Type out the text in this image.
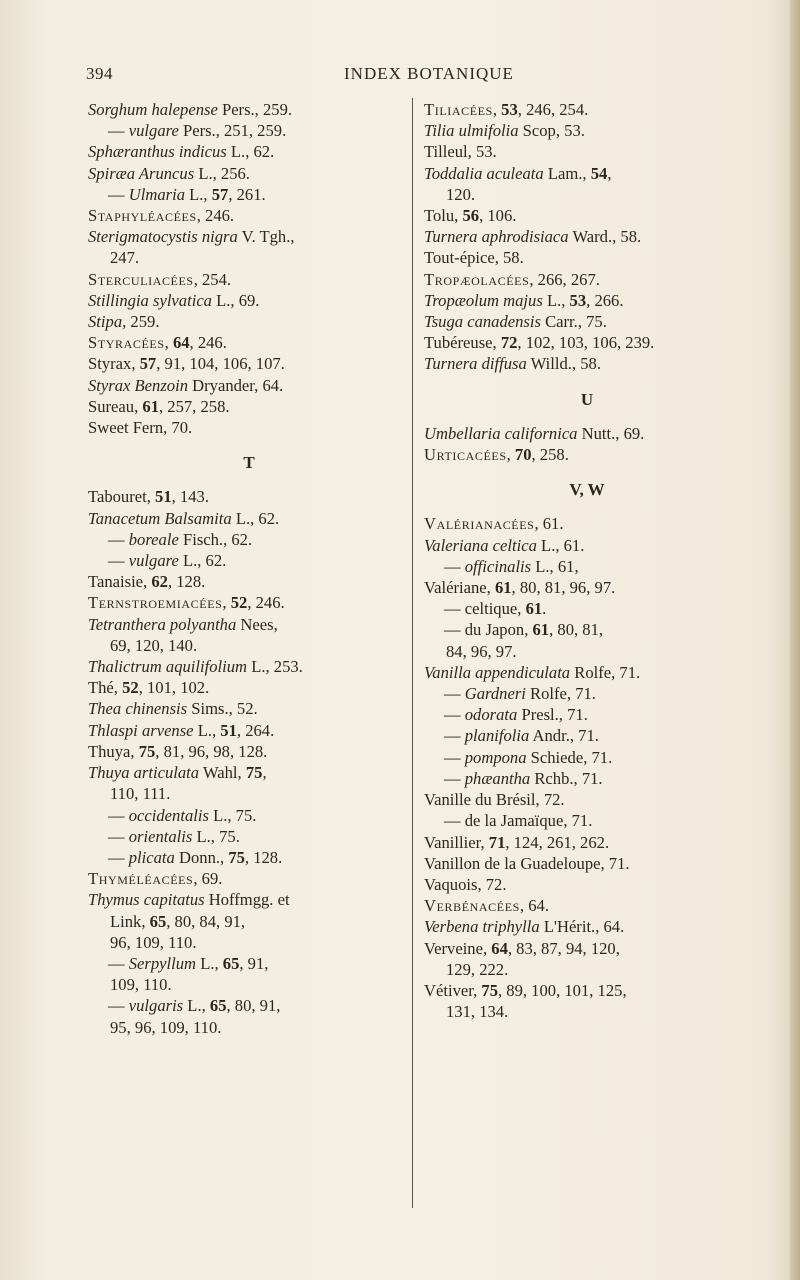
394	INDEX BOTANIQUE

Sorghum halepense Pers., 259.

— vulgare Pers., 251, 259.

Sphæranthus indicus L., 62.

Spiræa Aruncus L., 256.

— Ulmaria L., 57, 261.

Staphyléacées, 246.

Sterigmatocystis nigra V. Tgh.,

247.

Sterculiacées, 254.

Stillingia sylvatica L., 69.

Stipa, 259.

Styracées, 64, 246.

Styrax, 57, 91, 104, 106, 107.

Styrax Benzoin Dryander, 64.

Sureau, 61, 257, 258.

Sweet Fern, 70.

T

Tabouret, 51, 143.

Tanacetum Balsamita L., 62.

— boreale Fisch., 62.

— vulgare L., 62.

Tanaisie, 62, 128.

Ternstroemiacées, 52, 246.

Tetranthera polyantha Nees,

69, 120, 140.

Thalictrum aquilifolium L., 253.

Thé, 52, 101, 102.

Thea chinensis Sims., 52.

Thlaspi arvense L., 51, 264.

Thuya, 75, 81, 96, 98, 128.

Thuya articulata Wahl, 75,

110, 111.

— occidentalis L., 75.

— orientalis L., 75.

— plicata Donn., 75, 128.

Thyméléacées, 69.

Thymus capitatus Hoffmgg. et

Link, 65, 80, 84, 91,

96, 109, 110.

— Serpyllum L., 65, 91,

109, 110.

— vulgaris L., 65, 80, 91,

95, 96, 109, 110.

Tiliacées, 53, 246, 254.

Tilia ulmifolia Scop, 53.

Tilleul, 53.

Toddalia aculeata Lam., 54,

120.

Tolu, 56, 106.

Turnera aphrodisiaca Ward., 58.

Tout-épice, 58.

Tropæolacées, 266, 267.

Tropæolum majus L., 53, 266.

Tsuga canadensis Carr., 75.

Tubéreuse, 72, 102, 103, 106, 239.

Turnera diffusa Willd., 58.

U

Umbellaria californica Nutt., 69.

Urticacées, 70, 258.

V, W

Valérianacées, 61.

Valeriana celtica L., 61.

— officinalis L., 61,

Valériane, 61, 80, 81, 96, 97.

— celtique, 61.

— du Japon, 61, 80, 81,

84, 96, 97.

Vanilla appendiculata Rolfe, 71.

— Gardneri Rolfe, 71.

— odorata Presl., 71.

— planifolia Andr., 71.

— pompona Schiede, 71.

— phæantha Rchb., 71.

Vanille du Brésil, 72.

— de la Jamaïque, 71.

Vanillier, 71, 124, 261, 262.

Vanillon de la Guadeloupe, 71.

Vaquois, 72.

Verbénacées, 64.

Verbena triphylla L'Hérit., 64.

Verveine, 64, 83, 87, 94, 120,

129, 222.

Vétiver, 75, 89, 100, 101, 125,

131, 134.
